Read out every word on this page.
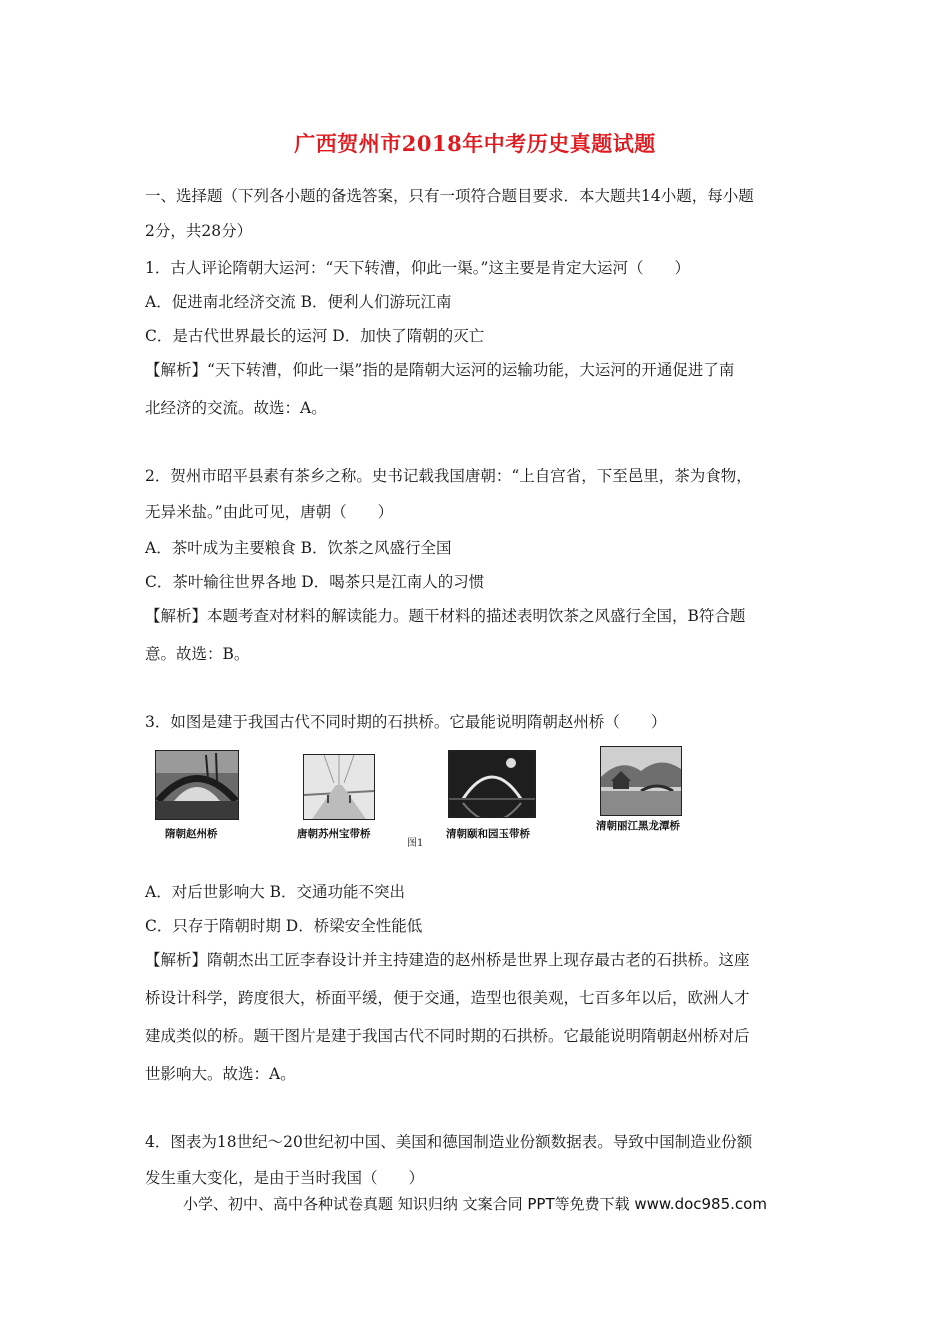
广西贺州市2018年中考历史真题试题
一、选择题（下列各小题的备选答案，只有一项符合题目要求．本大题共14小题，每小题
2分，共28分）
1．古人评论隋朝大运河：“天下转漕，仰此一渠。”这主要是肯定大运河（　　）
A．促进南北经济交流 B．便利人们游玩江南
C．是古代世界最长的运河 D．加快了隋朝的灭亡
【解析】“天下转漕，仰此一渠”指的是隋朝大运河的运输功能，大运河的开通促进了南
北经济的交流。故选：A。
2．贺州市昭平县素有茶乡之称。史书记载我国唐朝：“上自宫省，下至邑里，茶为食物，
无异米盐。”由此可见，唐朝（　　）
A．茶叶成为主要粮食 B．饮茶之风盛行全国
C．茶叶输往世界各地 D．喝茶只是江南人的习惯
【解析】本题考查对材料的解读能力。题干材料的描述表明饮茶之风盛行全国，B符合题
意。故选：B。
3．如图是建于我国古代不同时期的石拱桥。它最能说明隋朝赵州桥（　　）
隋朝赵州桥	唐朝苏州宝带桥	清朝颐和园玉带桥
图1
清朝丽江黑龙潭桥
A．对后世影响大 B．交通功能不突出
C．只存于隋朝时期 D．桥梁安全性能低
【解析】隋朝杰出工匠李春设计并主持建造的赵州桥是世界上现存最古老的石拱桥。这座
桥设计科学，跨度很大，桥面平缓，便于交通，造型也很美观，七百多年以后，欧洲人才
建成类似的桥。题干图片是建于我国古代不同时期的石拱桥。它最能说明隋朝赵州桥对后
世影响大。故选：A。
4．图表为18世纪～20世纪初中国、美国和德国制造业份额数据表。导致中国制造业份额
发生重大变化，是由于当时我国（　　）
小学、初中、高中各种试卷真题 知识归纳 文案合同 PPT等免费下载 www.doc985.com
